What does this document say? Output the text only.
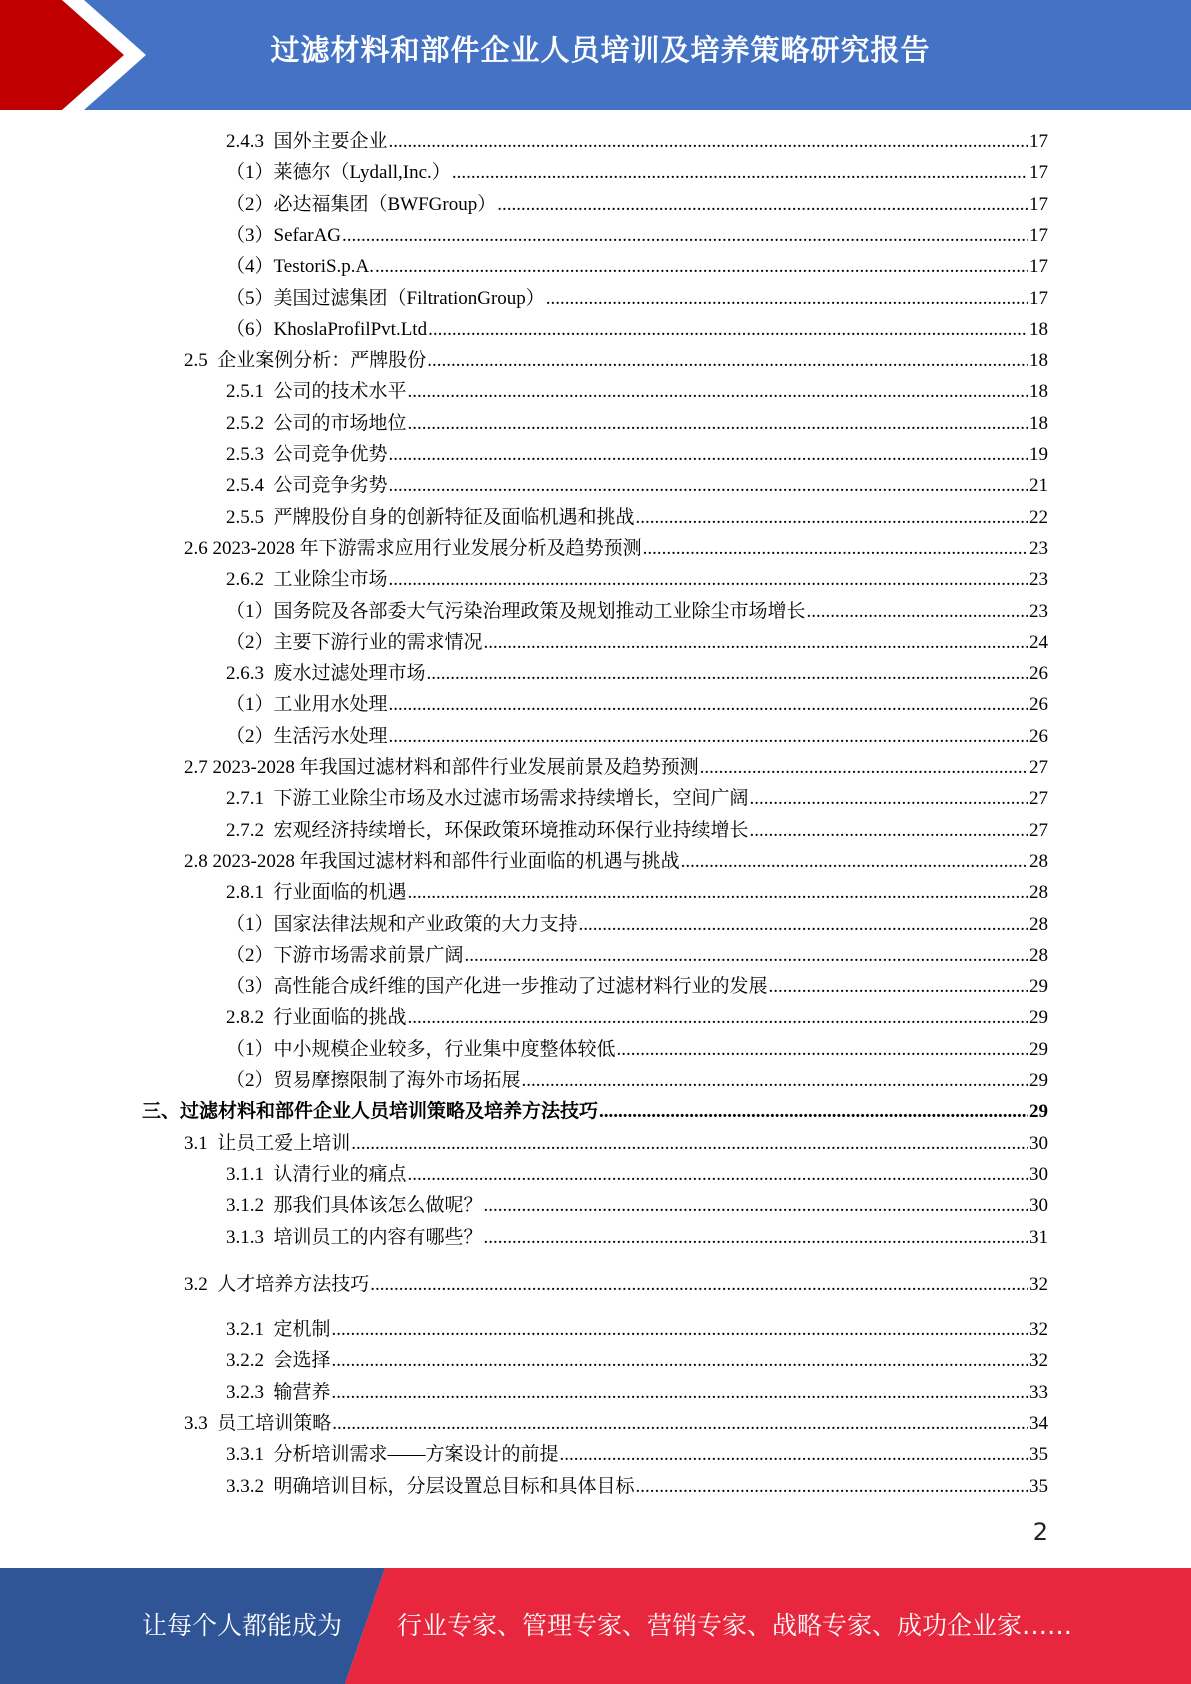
过滤材料和部件企业人员培训及培养策略研究报告
2.4.3  国外主要企业 .....	17
（1）莱德尔（Lydall,Inc.） .....	17
（2）必达福集团（BWFGroup） .....	17
（3）SefarAG .....	17
（4）TestoriS.p.A. .....	17
（5）美国过滤集团（FiltrationGroup） .....	17
（6）KhoslaProfilPvt.Ltd .....	18
2.5  企业案例分析：严牌股份 .....	18
2.5.1  公司的技术水平 .....	18
2.5.2  公司的市场地位 .....	18
2.5.3  公司竞争优势 .....	19
2.5.4  公司竞争劣势 .....	21
2.5.5  严牌股份自身的创新特征及面临机遇和挑战 .....	22
2.6 2023-2028 年下游需求应用行业发展分析及趋势预测 .....	23
2.6.2  工业除尘市场 .....	23
（1）国务院及各部委大气污染治理政策及规划推动工业除尘市场增长 .....	23
（2）主要下游行业的需求情况 .....	24
2.6.3  废水过滤处理市场 .....	26
（1）工业用水处理 .....	26
（2）生活污水处理 .....	26
2.7 2023-2028 年我国过滤材料和部件行业发展前景及趋势预测 .....	27
2.7.1  下游工业除尘市场及水过滤市场需求持续增长，空间广阔 .....	27
2.7.2  宏观经济持续增长，环保政策环境推动环保行业持续增长 .....	27
2.8 2023-2028 年我国过滤材料和部件行业面临的机遇与挑战 .....	28
2.8.1  行业面临的机遇 .....	28
（1）国家法律法规和产业政策的大力支持 .....	28
（2）下游市场需求前景广阔 .....	28
（3）高性能合成纤维的国产化进一步推动了过滤材料行业的发展 .....	29
2.8.2  行业面临的挑战 .....	29
（1）中小规模企业较多，行业集中度整体较低 .....	29
（2）贸易摩擦限制了海外市场拓展 .....	29
三、过滤材料和部件企业人员培训策略及培养方法技巧 .....	29
3.1  让员工爱上培训 .....	30
3.1.1  认清行业的痛点 .....	30
3.1.2  那我们具体该怎么做呢？ .....	30
3.1.3  培训员工的内容有哪些？ .....	31
3.2  人才培养方法技巧 .....	32
3.2.1  定机制 .....	32
3.2.2  会选择 .....	32
3.2.3  输营养 .....	33
3.3  员工培训策略 .....	34
3.3.1  分析培训需求——方案设计的前提 .....	35
3.3.2  明确培训目标，分层设置总目标和具体目标 .....	35
2
让每个人都能成为 行业专家、管理专家、营销专家、战略专家、成功企业家……
